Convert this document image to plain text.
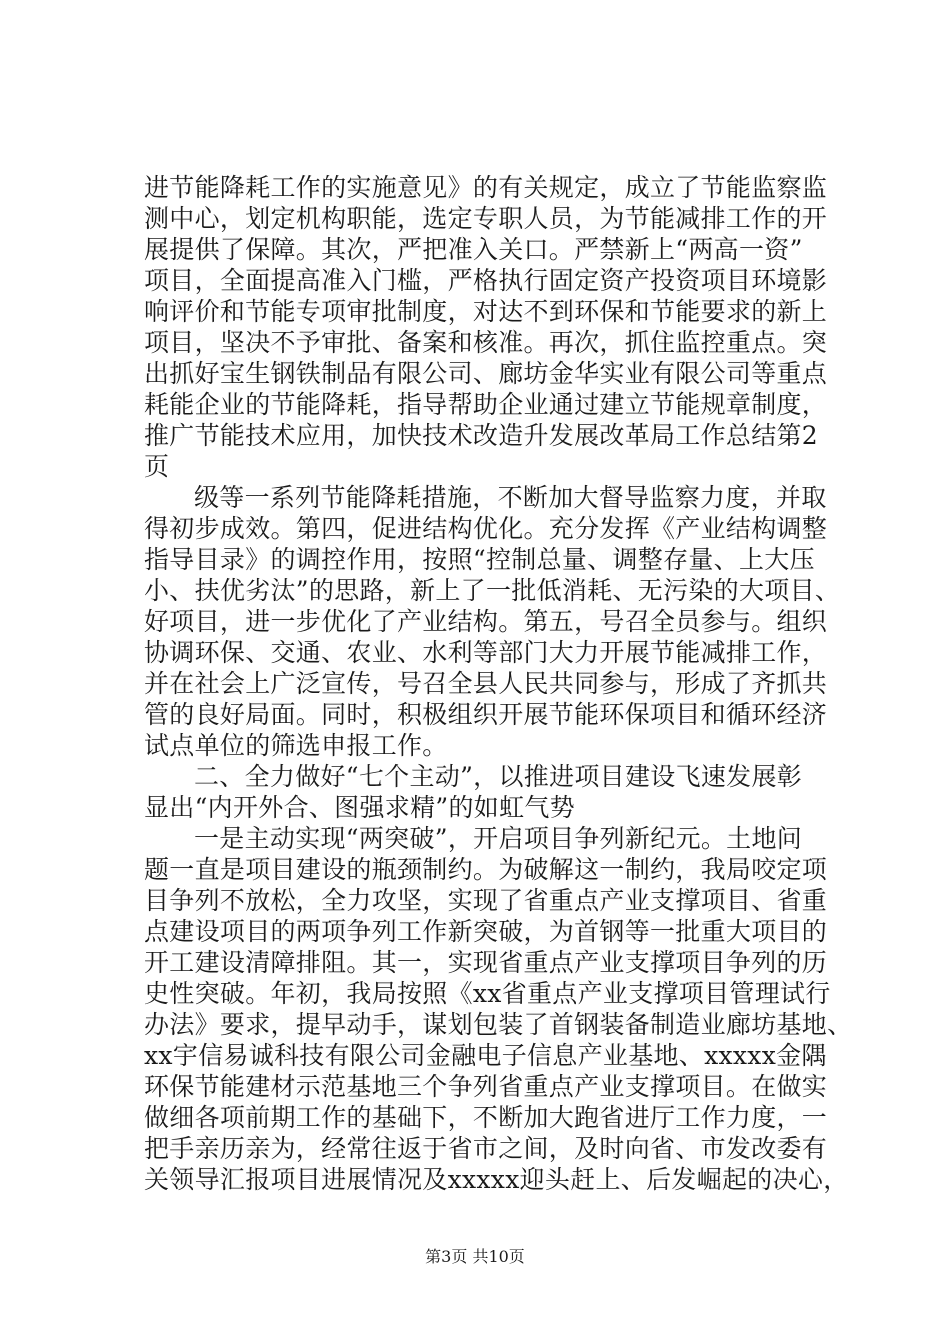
进节能降耗工作的实施意见》的有关规定，成立了节能监察监
测中心，划定机构职能，选定专职人员，为节能减排工作的开
展提供了保障。其次，严把准入关口。严禁新上“两高一资”
项目，全面提高准入门槛，严格执行固定资产投资项目环境影
响评价和节能专项审批制度，对达不到环保和节能要求的新上
项目，坚决不予审批、备案和核准。再次，抓住监控重点。突
出抓好宝生钢铁制品有限公司、廊坊金华实业有限公司等重点
耗能企业的节能降耗，指导帮助企业通过建立节能规章制度，
推广节能技术应用，加快技术改造升发展改革局工作总结第2
页
级等一系列节能降耗措施，不断加大督导监察力度，并取
得初步成效。第四，促进结构优化。充分发挥《产业结构调整
指导目录》的调控作用，按照“控制总量、调整存量、上大压
小、扶优劣汰”的思路，新上了一批低消耗、无污染的大项目、
好项目，进一步优化了产业结构。第五，号召全员参与。组织
协调环保、交通、农业、水利等部门大力开展节能减排工作，
并在社会上广泛宣传，号召全县人民共同参与，形成了齐抓共
管的良好局面。同时，积极组织开展节能环保项目和循环经济
试点单位的筛选申报工作。
二、全力做好“七个主动”，以推进项目建设飞速发展彰
显出“内开外合、图强求精”的如虹气势
一是主动实现“两突破”，开启项目争列新纪元。土地问
题一直是项目建设的瓶颈制约。为破解这一制约，我局咬定项
目争列不放松，全力攻坚，实现了省重点产业支撑项目、省重
点建设项目的两项争列工作新突破，为首钢等一批重大项目的
开工建设清障排阻。其一，实现省重点产业支撑项目争列的历
史性突破。年初，我局按照《xx省重点产业支撑项目管理试行
办法》要求，提早动手，谋划包装了首钢装备制造业廊坊基地、
xx宇信易诚科技有限公司金融电子信息产业基地、xxxxx金隅
环保节能建材示范基地三个争列省重点产业支撑项目。在做实
做细各项前期工作的基础下，不断加大跑省进厅工作力度，一
把手亲历亲为，经常往返于省市之间，及时向省、市发改委有
关领导汇报项目进展情况及xxxxx迎头赶上、后发崛起的决心，
第3页 共10页
